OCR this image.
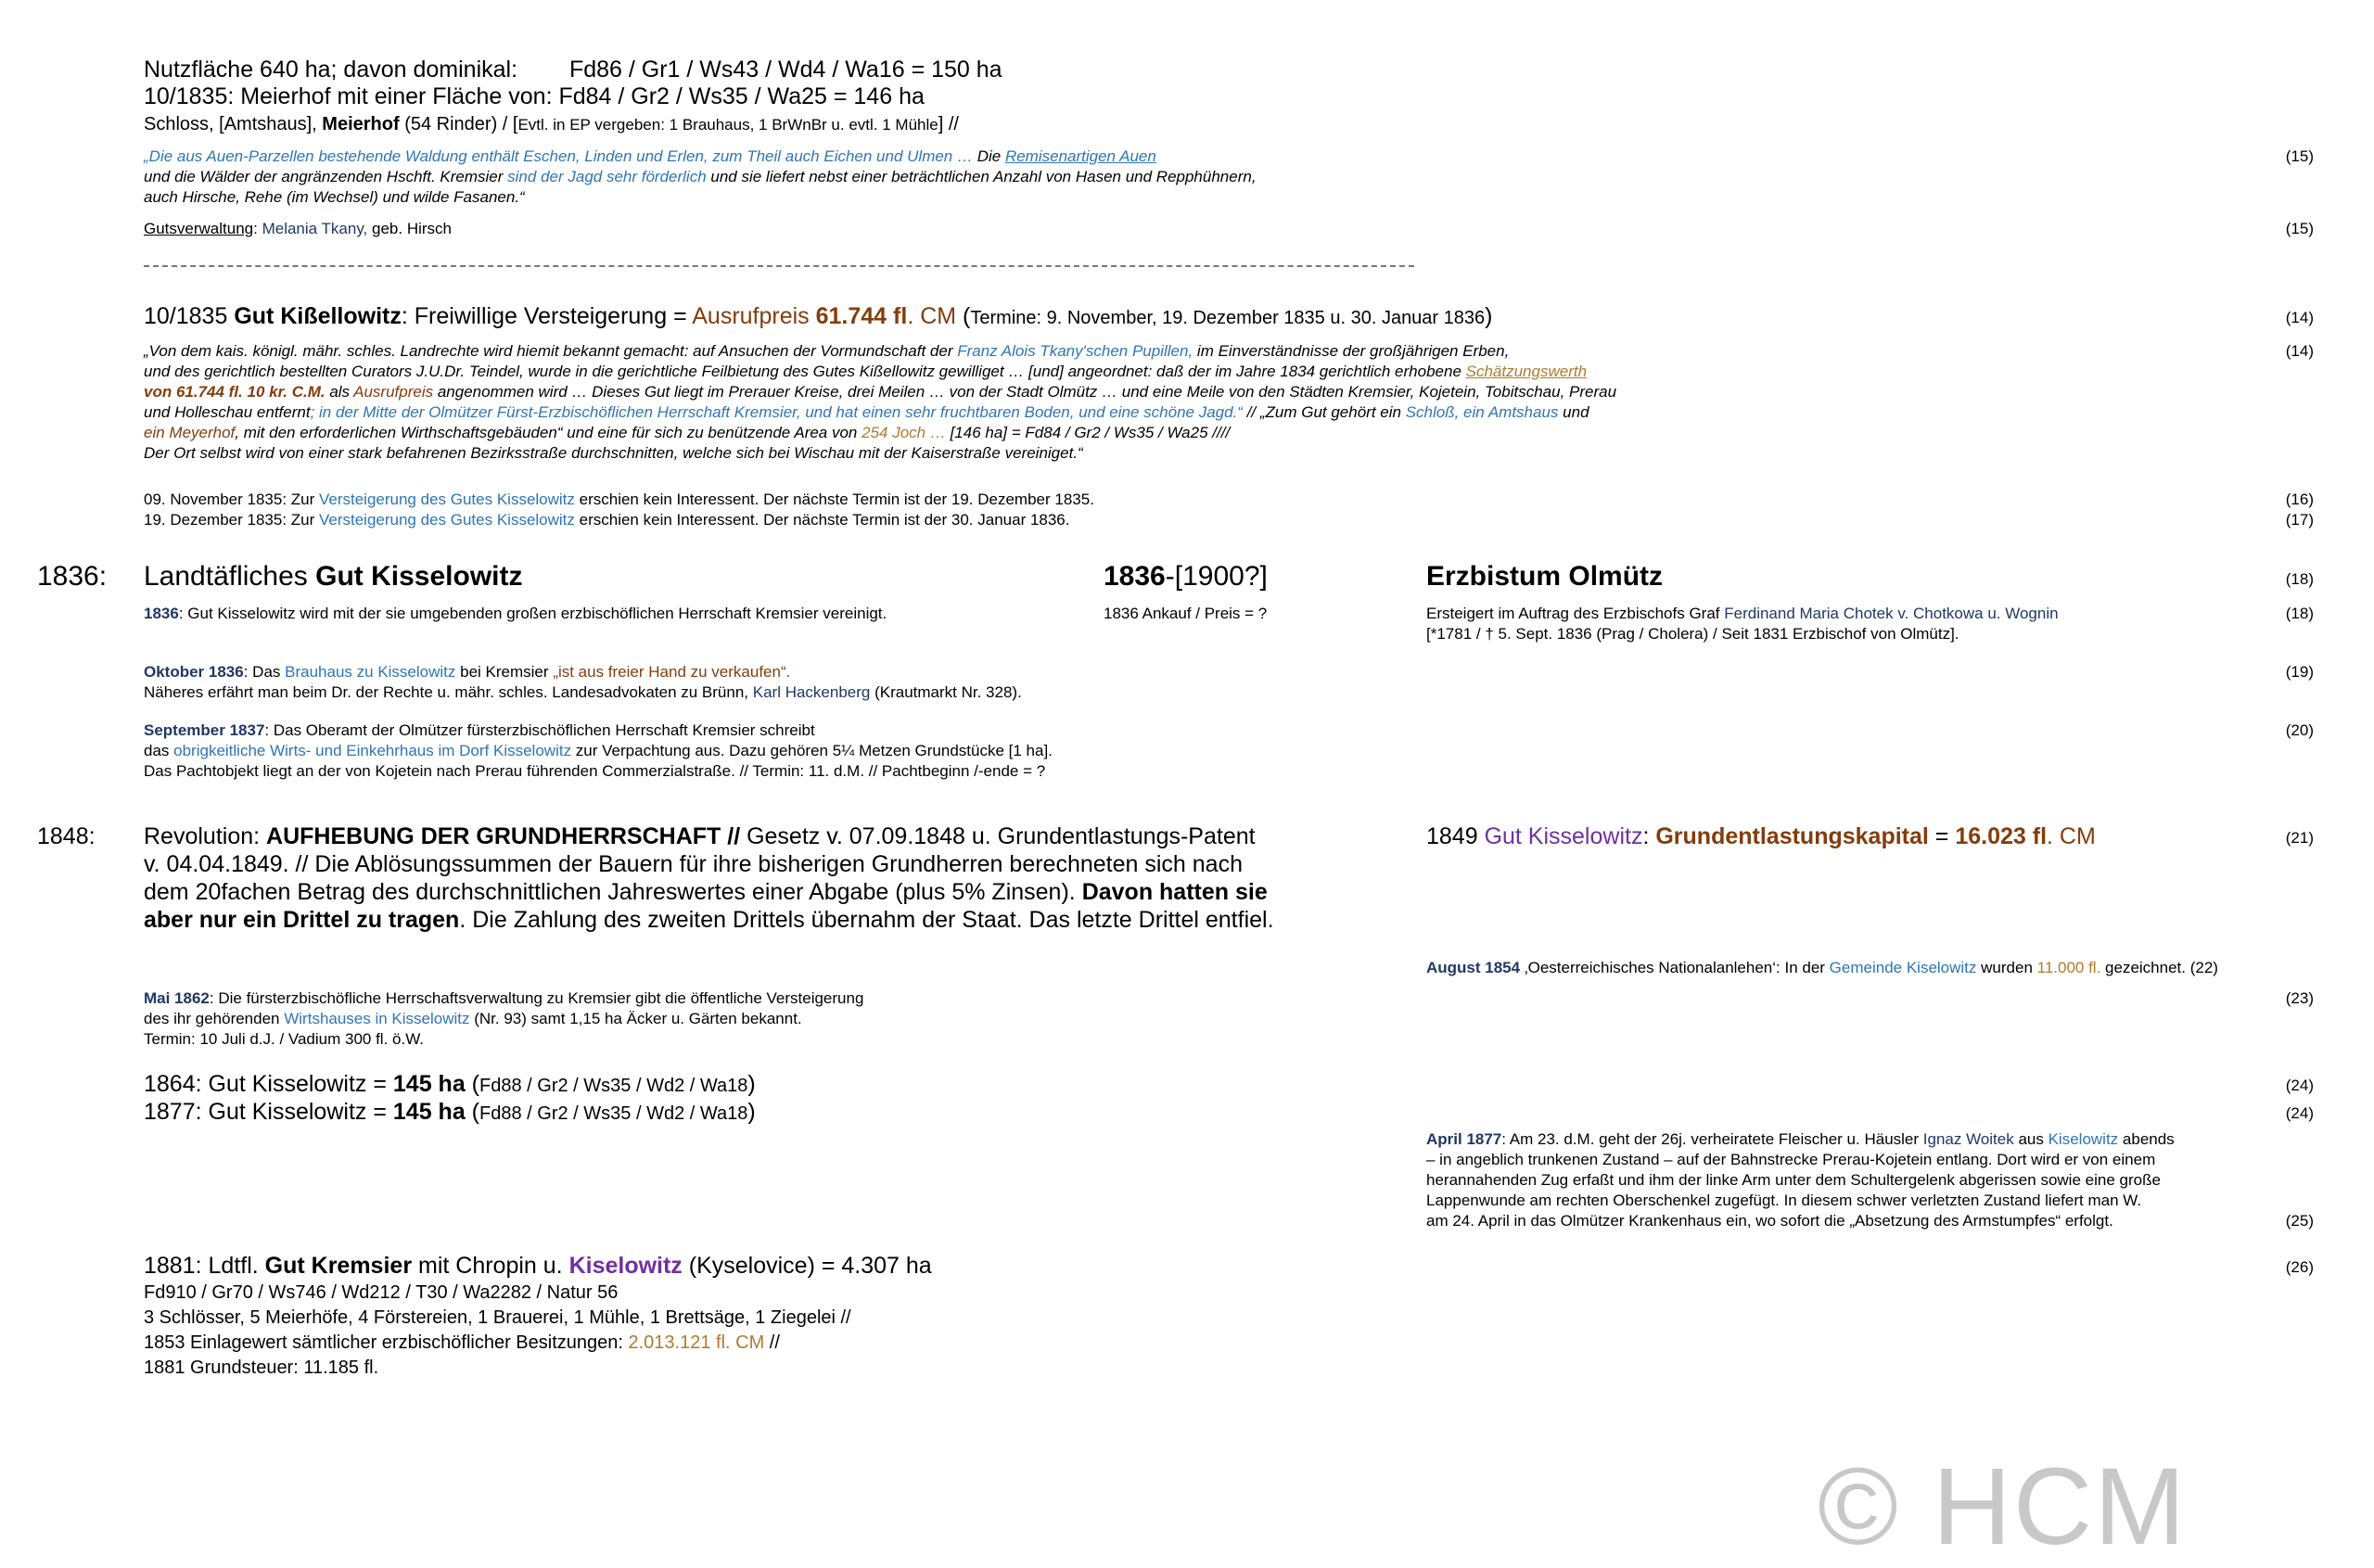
Nutzfläche 640 ha; davon dominikal: Fd86 / Gr1 / Ws43 / Wd4 / Wa16 = 150 ha
10/1835: Meierhof mit einer Fläche von: Fd84 / Gr2 / Ws35 / Wa25 = 146 ha
Schloss, [Amtshaus], Meierhof (54 Rinder) / [Evtl. in EP vergeben: 1 Brauhaus, 1 BrWnBr u. evtl. 1 Mühle] //
„Die aus Auen-Parzellen bestehende Waldung enthält Eschen, Linden und Erlen, zum Theil auch Eichen und Ulmen … Die Remisenartigen Auen
und die Wälder der angränzenden Hschft. Kremsier sind der Jagd sehr förderlich und sie liefert nebst einer beträchtlichen Anzahl von Hasen und Repphühnern,
auch Hirsche, Rehe (im Wechsel) und wilde Fasanen.“
(15)
Gutsverwaltung: Melania Tkany, geb. Hirsch	(15)
10/1835 Gut Kißellowitz: Freiwillige Versteigerung = Ausrufpreis 61.744 fl. CM (Termine: 9. November, 19. Dezember 1835 u. 30. Januar 1836)	(14)
„Von dem kais. königl. mähr. schles. Landrechte wird hiemit bekannt gemacht: auf Ansuchen der Vormundschaft der Franz Alois Tkany'schen Pupillen, im Einverständnisse der großjährigen Erben,
und des gerichtlich bestellten Curators J.U.Dr. Teindel, wurde in die gerichtliche Feilbietung des Gutes Kißellowitz gewilliget … [und] angeordnet: daß der im Jahre 1834 gerichtlich erhobene Schätzungswerth
von 61.744 fl. 10 kr. C.M. als Ausrufpreis angenommen wird … Dieses Gut liegt im Prerauer Kreise, drei Meilen … von der Stadt Olmütz … und eine Meile von den Städten Kremsier, Kojetein, Tobitschau, Prerau
und Holleschau entfernt; in der Mitte der Olmützer Fürst-Erzbischöflichen Herrschaft Kremsier, und hat einen sehr fruchtbaren Boden, und eine schöne Jagd.“ // „Zum Gut gehört ein Schloß, ein Amtshaus und
ein Meyerhof, mit den erforderlichen Wirthschaftsgebäuden“ und eine für sich zu benützende Area von 254 Joch … [146 ha] = Fd84 / Gr2 / Ws35 / Wa25 ////
Der Ort selbst wird von einer stark befahrenen Bezirksstraße durchschnitten, welche sich bei Wischau mit der Kaiserstraße vereiniget.“
(14)
09. November 1835: Zur Versteigerung des Gutes Kisselowitz erschien kein Interessent. Der nächste Termin ist der 19. Dezember 1835.	(16)
19. Dezember 1835: Zur Versteigerung des Gutes Kisselowitz erschien kein Interessent. Der nächste Termin ist der 30. Januar 1836.	(17)
1836: Landtäfliches Gut Kisselowitz	1836-[1900?]	Erzbistum Olmütz	(18)
1836: Gut Kisselowitz wird mit der sie umgebenden großen erzbischöflichen Herrschaft Kremsier vereinigt.	1836 Ankauf / Preis = ?	Ersteigert im Auftrag des Erzbischofs Graf Ferdinand Maria Chotek v. Chotkowa u. Wognin
[*1781 / † 5. Sept. 1836 (Prag / Cholera) / Seit 1831 Erzbischof von Olmütz].
(18)
Oktober 1836: Das Brauhaus zu Kisselowitz bei Kremsier „ist aus freier Hand zu verkaufen“.
Näheres erfährt man beim Dr. der Rechte u. mähr. schles. Landesadvokaten zu Brünn, Karl Hackenberg (Krautmarkt Nr. 328).
(19)
September 1837: Das Oberamt der Olmützer fürsterzbischöflichen Herrschaft Kremsier schreibt
das obrigkeitliche Wirts- und Einkehrhaus im Dorf Kisselowitz zur Verpachtung aus. Dazu gehören 5¼ Metzen Grundstücke [1 ha].
Das Pachtobjekt liegt an der von Kojetein nach Prerau führenden Commerzialstraße. // Termin: 11. d.M. // Pachtbeginn /-ende = ?
(20)
1848: Revolution: AUFHEBUNG DER GRUNDHERRSCHAFT // Gesetz v. 07.09.1848 u. Grundentlastungs-Patent
v. 04.04.1849. // Die Ablösungssummen der Bauern für ihre bisherigen Grundherren berechneten sich nach
dem 20fachen Betrag des durchschnittlichen Jahreswertes einer Abgabe (plus 5% Zinsen). Davon hatten sie
aber nur ein Drittel zu tragen. Die Zahlung des zweiten Drittels übernahm der Staat. Das letzte Drittel entfiel.
1849 Gut Kisselowitz: Grundentlastungskapital = 16.023 fl. CM	(21)
August 1854 ‚Oesterreichisches Nationalanlehen‘: In der Gemeinde Kiselowitz wurden 11.000 fl. gezeichnet. (22)
Mai 1862: Die fürsterzbischöfliche Herrschaftsverwaltung zu Kremsier gibt die öffentliche Versteigerung
des ihr gehörenden Wirtshauses in Kisselowitz (Nr. 93) samt 1,15 ha Äcker u. Gärten bekannt.
Termin: 10 Juli d.J. / Vadium 300 fl. ö.W.
(23)
1864: Gut Kisselowitz = 145 ha (Fd88 / Gr2 / Ws35 / Wd2 / Wa18)	(24)
1877: Gut Kisselowitz = 145 ha (Fd88 / Gr2 / Ws35 / Wd2 / Wa18)	(24)
April 1877: Am 23. d.M. geht der 26j. verheiratete Fleischer u. Häusler Ignaz Woitek aus Kiselowitz abends
– in angeblich trunkenen Zustand – auf der Bahnstrecke Prerau-Kojetein entlang. Dort wird er von einem
herannahenden Zug erfaßt und ihm der linke Arm unter dem Schultergelenk abgerissen sowie eine große
Lappenwunde am rechten Oberschenkel zugefügt. In diesem schwer verletzten Zustand liefert man W.
am 24. April in das Olmützer Krankenhaus ein, wo sofort die „Absetzung des Armstumpfes“ erfolgt.	(25)
1881: Ldtfl. Gut Kremsier mit Chropin u. Kiselowitz (Kyselovice) = 4.307 ha	(26)
Fd910 / Gr70 / Ws746 / Wd212 / T30 / Wa2282 / Natur 56
3 Schlösser, 5 Meierhöfe, 4 Förstereien, 1 Brauerei, 1 Mühle, 1 Brettsäge, 1 Ziegelei //
1853 Einlagewert sämtlicher erzbischöflicher Besitzungen: 2.013.121 fl. CM //
1881 Grundsteuer: 11.185 fl.
© HCM
